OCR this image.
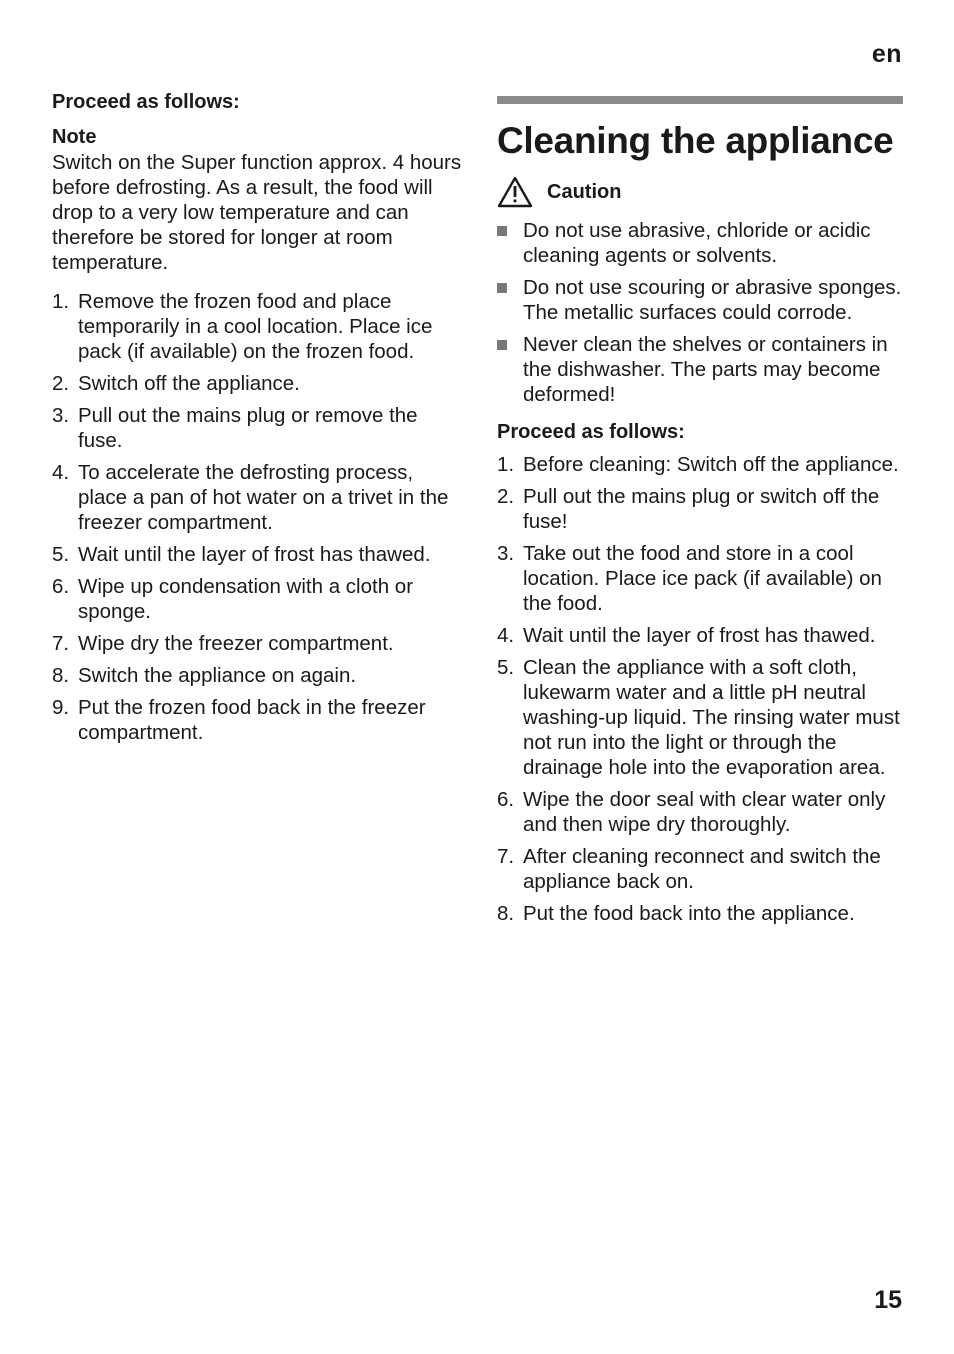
en

Proceed as follows:

Note

Switch on the Super function approx. 4 hours before defrosting. As a result, the food will drop to a very low temperature and can therefore be stored for longer at room temperature.

1. Remove the frozen food and place temporarily in a cool location. Place ice pack (if available) on the frozen food.
2. Switch off the appliance.
3. Pull out the mains plug or remove the fuse.
4. To accelerate the defrosting process, place a pan of hot water on a trivet in the freezer compartment.
5. Wait until the layer of frost has thawed.
6. Wipe up condensation with a cloth or sponge.
7. Wipe dry the freezer compartment.
8. Switch the appliance on again.
9. Put the frozen food back in the freezer compartment.
Cleaning the appliance
Caution
Do not use abrasive, chloride or acidic cleaning agents or solvents.
Do not use scouring or abrasive sponges. The metallic surfaces could corrode.
Never clean the shelves or containers in the dishwasher. The parts may become deformed!

Proceed as follows:

1. Before cleaning: Switch off the appliance.
2. Pull out the mains plug or switch off the fuse!
3. Take out the food and store in a cool location. Place ice pack (if available) on the food.
4. Wait until the layer of frost has thawed.
5. Clean the appliance with a soft cloth, lukewarm water and a little pH neutral washing-up liquid. The rinsing water must not run into the light or through the drainage hole into the evaporation area.
6. Wipe the door seal with clear water only and then wipe dry thoroughly.
7. After cleaning reconnect and switch the appliance back on.
8. Put the food back into the appliance.
15
